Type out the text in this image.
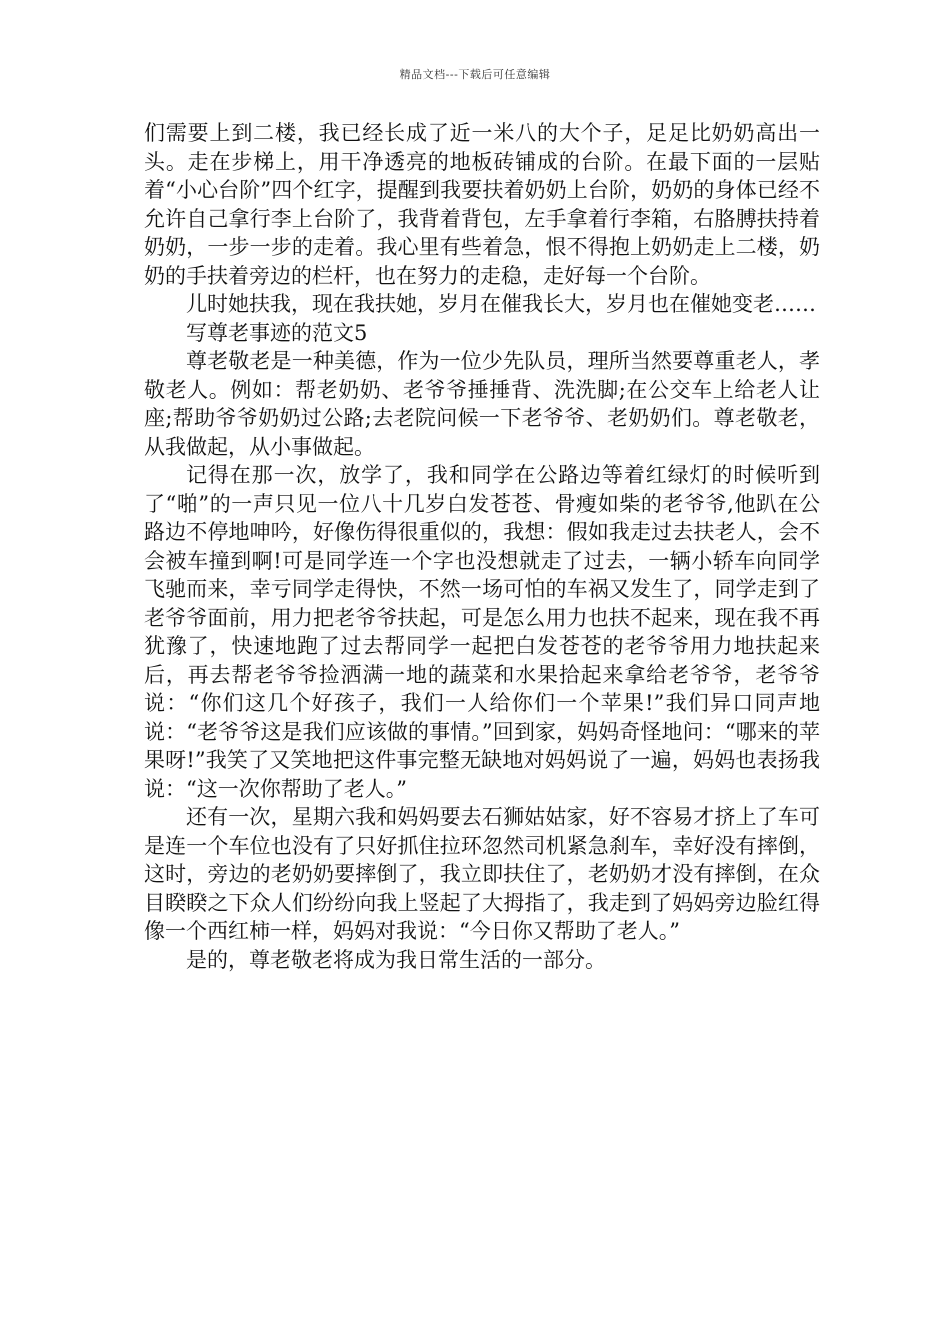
精品文档---下载后可任意编辑

们需要上到二楼，我已经长成了近一米八的大个子，足足比奶奶高出一头。走在步梯上，用干净透亮的地板砖铺成的台阶。在最下面的一层贴着“小心台阶”四个红字，提醒到我要扶着奶奶上台阶，奶奶的身体已经不允许自己拿行李上台阶了，我背着背包，左手拿着行李箱，右胳膊扶持着奶奶，一步一步的走着。我心里有些着急，恨不得抱上奶奶走上二楼，奶奶的手扶着旁边的栏杆，也在努力的走稳，走好每一个台阶。

儿时她扶我，现在我扶她，岁月在催我长大，岁月也在催她变老……

写尊老事迹的范文5

尊老敬老是一种美德，作为一位少先队员，理所当然要尊重老人，孝敬老人。例如：帮老奶奶、老爷爷捶捶背、洗洗脚;在公交车上给老人让座;帮助爷爷奶奶过公路;去老院问候一下老爷爷、老奶奶们。尊老敬老，从我做起，从小事做起。

记得在那一次，放学了，我和同学在公路边等着红绿灯的时候听到了“啪”的一声只见一位八十几岁白发苍苍、骨瘦如柴的老爷爷,他趴在公路边不停地呻吟，好像伤得很重似的，我想：假如我走过去扶老人，会不会被车撞到啊!可是同学连一个字也没想就走了过去，一辆小轿车向同学飞驰而来，幸亏同学走得快，不然一场可怕的车祸又发生了，同学走到了老爷爷面前，用力把老爷爷扶起，可是怎么用力也扶不起来，现在我不再犹豫了，快速地跑了过去帮同学一起把白发苍苍的老爷爷用力地扶起来后，再去帮老爷爷捡洒满一地的蔬菜和水果拾起来拿给老爷爷，老爷爷说：“你们这几个好孩子，我们一人给你们一个苹果!”我们异口同声地说：“老爷爷这是我们应该做的事情。”回到家，妈妈奇怪地问：“哪来的苹果呀!”我笑了又笑地把这件事完整无缺地对妈妈说了一遍，妈妈也表扬我说：“这一次你帮助了老人。”

还有一次，星期六我和妈妈要去石狮姑姑家，好不容易才挤上了车可是连一个车位也没有了只好抓住拉环忽然司机紧急刹车，幸好没有摔倒，这时，旁边的老奶奶要摔倒了，我立即扶住了，老奶奶才没有摔倒，在众目睽睽之下众人们纷纷向我上竖起了大拇指了，我走到了妈妈旁边脸红得像一个西红柿一样，妈妈对我说：“今日你又帮助了老人。”

是的，尊老敬老将成为我日常生活的一部分。
